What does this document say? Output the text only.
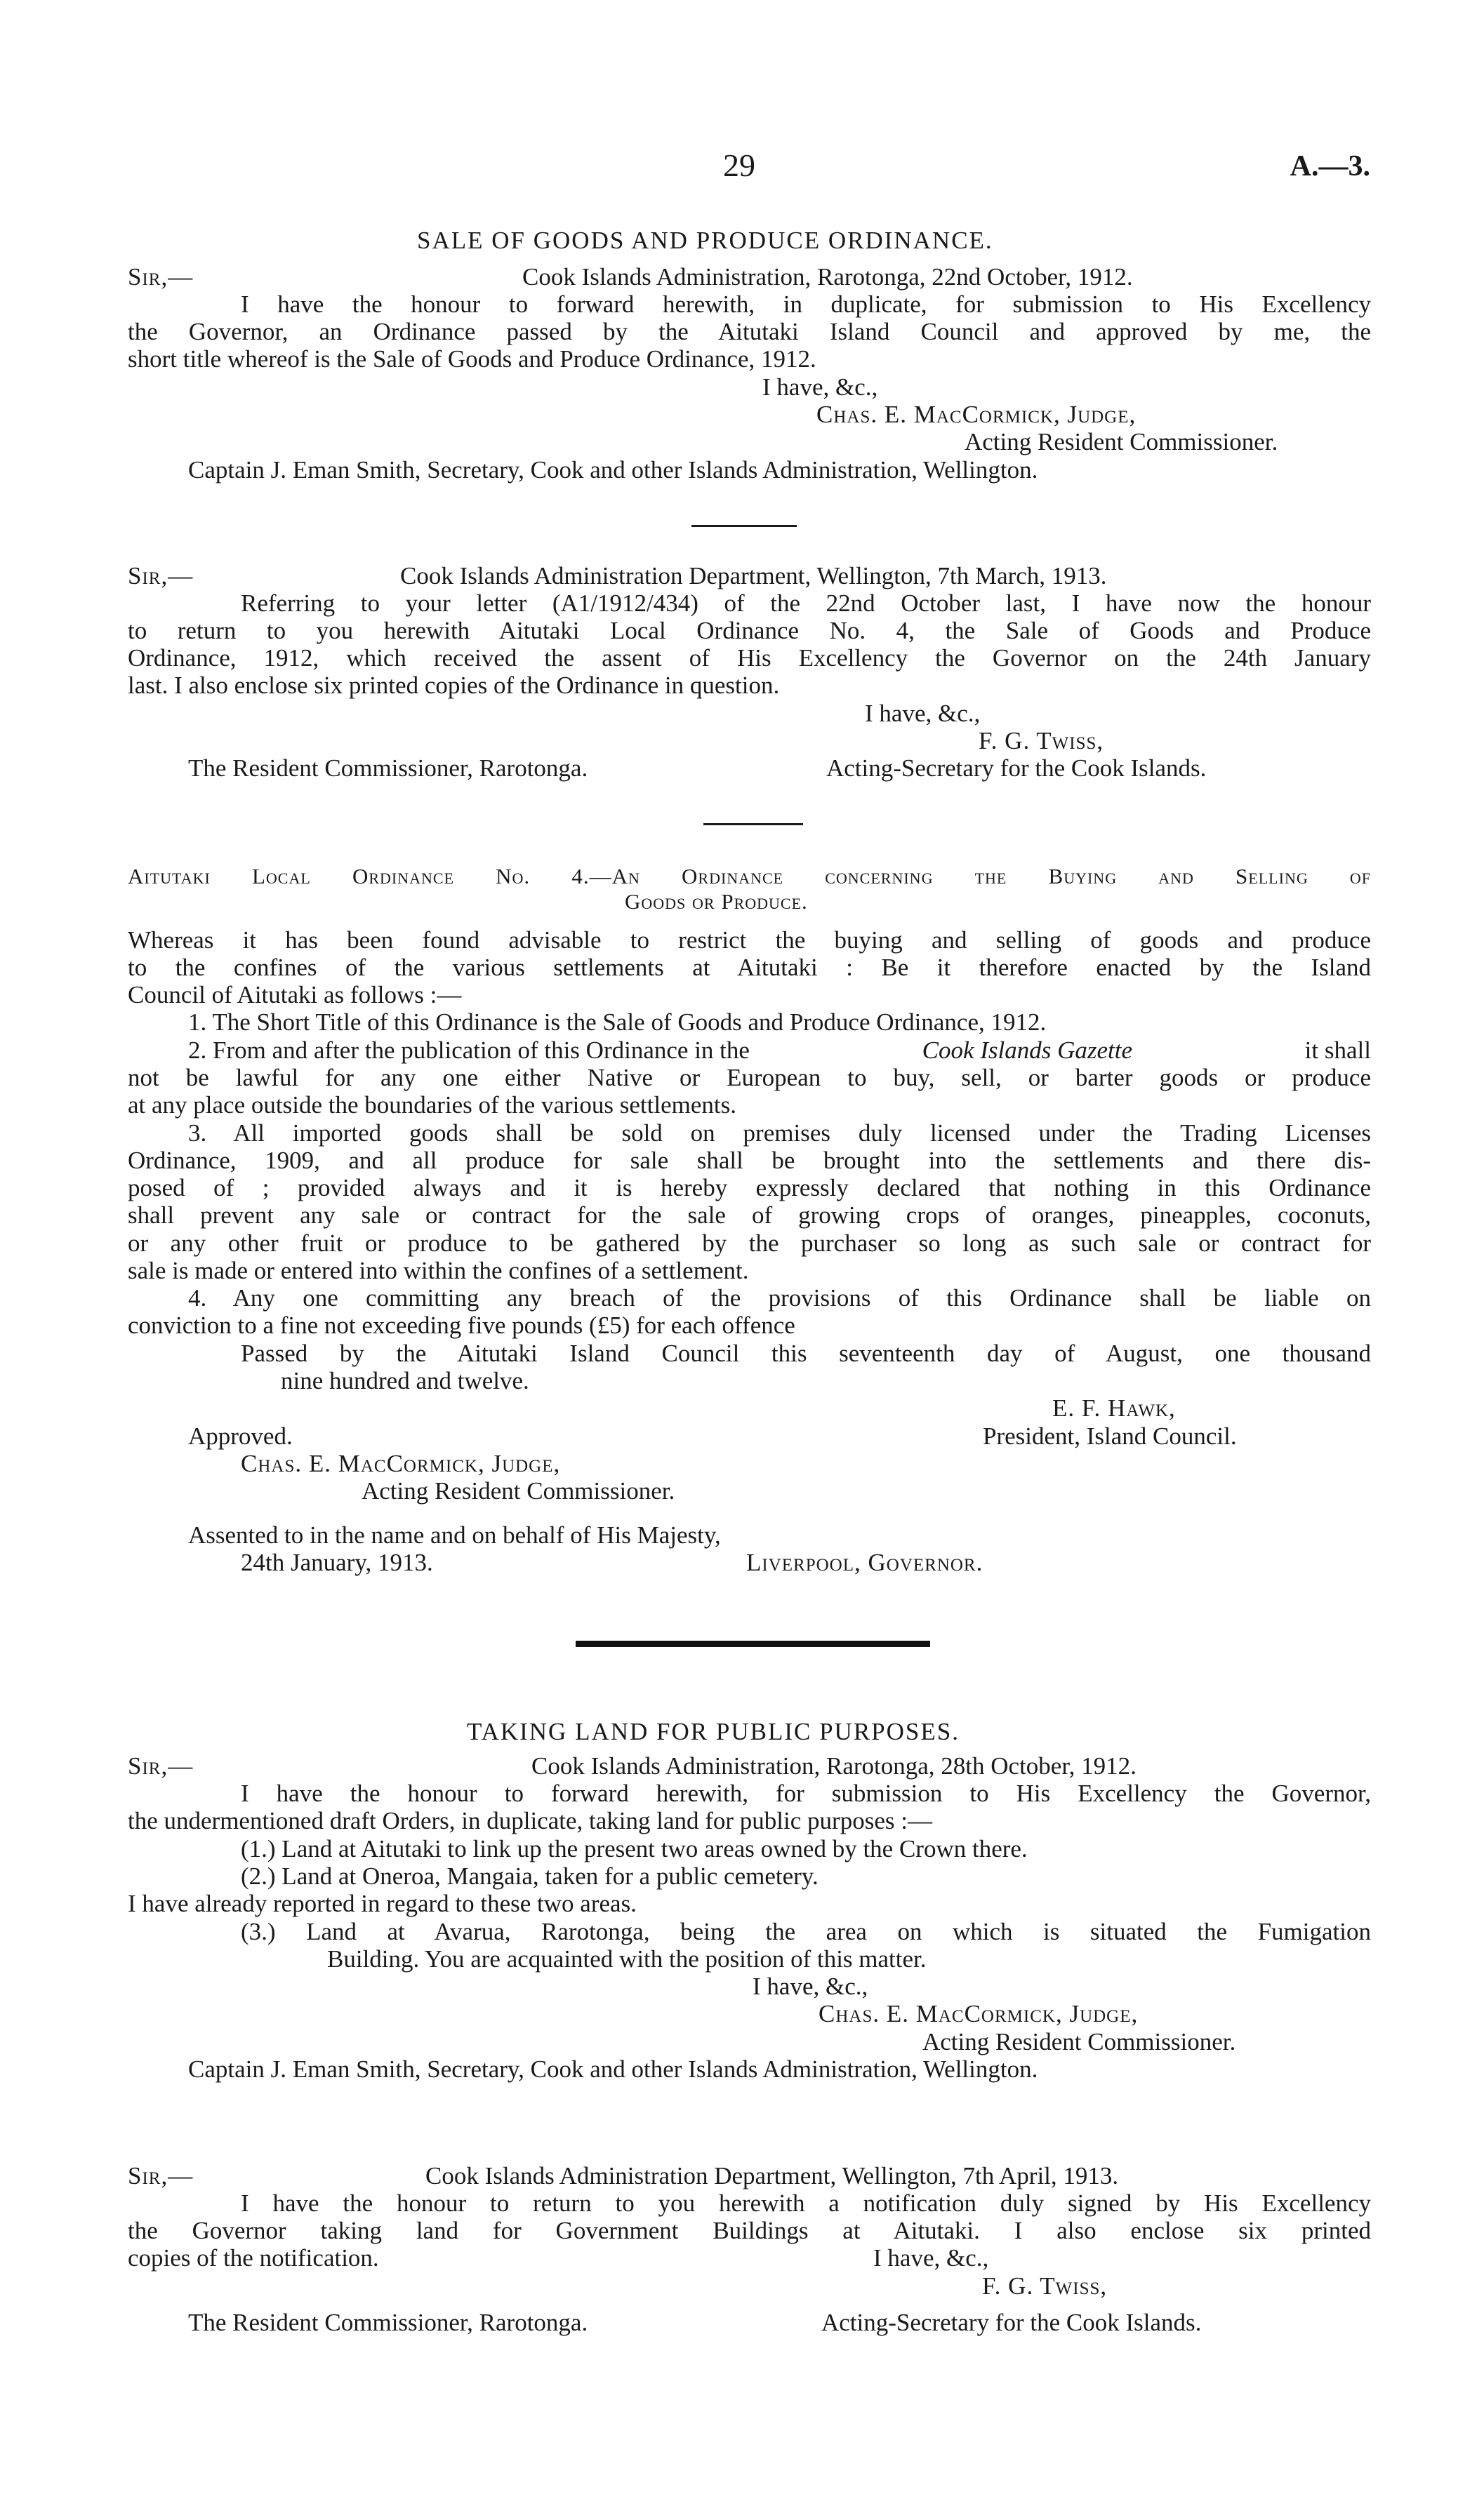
29	A.—3.
SALE OF GOODS AND PRODUCE ORDINANCE.
Sir,—	Cook Islands Administration, Rarotonga, 22nd October, 1912.
I have the honour to forward herewith, in duplicate, for submission to His Excellency
the Governor, an Ordinance passed by the Aitutaki Island Council and approved by me, the
short title whereof is the Sale of Goods and Produce Ordinance, 1912.
I have, &c.,
Chas. E. MacCormick, Judge,
Acting Resident Commissioner.
Captain J. Eman Smith, Secretary, Cook and other Islands Administration, Wellington.
Sir,—	Cook Islands Administration Department, Wellington, 7th March, 1913.
Referring to your letter (A1/1912/434) of the 22nd October last, I have now the honour
to return to you herewith Aitutaki Local Ordinance No. 4, the Sale of Goods and Produce
Ordinance, 1912, which received the assent of His Excellency the Governor on the 24th January
last. I also enclose six printed copies of the Ordinance in question.
I have, &c.,
F. G. Twiss,
The Resident Commissioner, Rarotonga.	Acting-Secretary for the Cook Islands.
Aitutaki Local Ordinance No. 4.—An Ordinance concerning the Buying and Selling of
Goods or Produce.
Whereas it has been found advisable to restrict the buying and selling of goods and produce
to the confines of the various settlements at Aitutaki : Be it therefore enacted by the Island
Council of Aitutaki as follows :—
1. The Short Title of this Ordinance is the Sale of Goods and Produce Ordinance, 1912.
2. From and after the publication of this Ordinance in the	Cook Islands Gazette	it shall
not be lawful for any one either Native or European to buy, sell, or barter goods or produce
at any place outside the boundaries of the various settlements.
3. All imported goods shall be sold on premises duly licensed under the Trading Licenses
Ordinance, 1909, and all produce for sale shall be brought into the settlements and there dis-
posed of ; provided always and it is hereby expressly declared that nothing in this Ordinance
shall prevent any sale or contract for the sale of growing crops of oranges, pineapples, coconuts,
or any other fruit or produce to be gathered by the purchaser so long as such sale or contract for
sale is made or entered into within the confines of a settlement.
4. Any one committing any breach of the provisions of this Ordinance shall be liable on
conviction to a fine not exceeding five pounds (£5) for each offence
Passed by the Aitutaki Island Council this seventeenth day of August, one thousand
nine hundred and twelve.
E. F. Hawk,
Approved.	President, Island Council.
Chas. E. MacCormick, Judge,
Acting Resident Commissioner.
Assented to in the name and on behalf of His Majesty,
24th January, 1913.	Liverpool, Governor.
TAKING LAND FOR PUBLIC PURPOSES.
Sir,—	Cook Islands Administration, Rarotonga, 28th October, 1912.
I have the honour to forward herewith, for submission to His Excellency the Governor,
the undermentioned draft Orders, in duplicate, taking land for public purposes :—
(1.) Land at Aitutaki to link up the present two areas owned by the Crown there.
(2.) Land at Oneroa, Mangaia, taken for a public cemetery.
I have already reported in regard to these two areas.
(3.) Land at Avarua, Rarotonga, being the area on which is situated the Fumigation
Building. You are acquainted with the position of this matter.
I have, &c.,
Chas. E. MacCormick, Judge,
Acting Resident Commissioner.
Captain J. Eman Smith, Secretary, Cook and other Islands Administration, Wellington.
Sir,—	Cook Islands Administration Department, Wellington, 7th April, 1913.
I have the honour to return to you herewith a notification duly signed by His Excellency
the Governor taking land for Government Buildings at Aitutaki. I also enclose six printed
copies of the notification.	I have, &c.,
F. G. Twiss,
The Resident Commissioner, Rarotonga.	Acting-Secretary for the Cook Islands.
